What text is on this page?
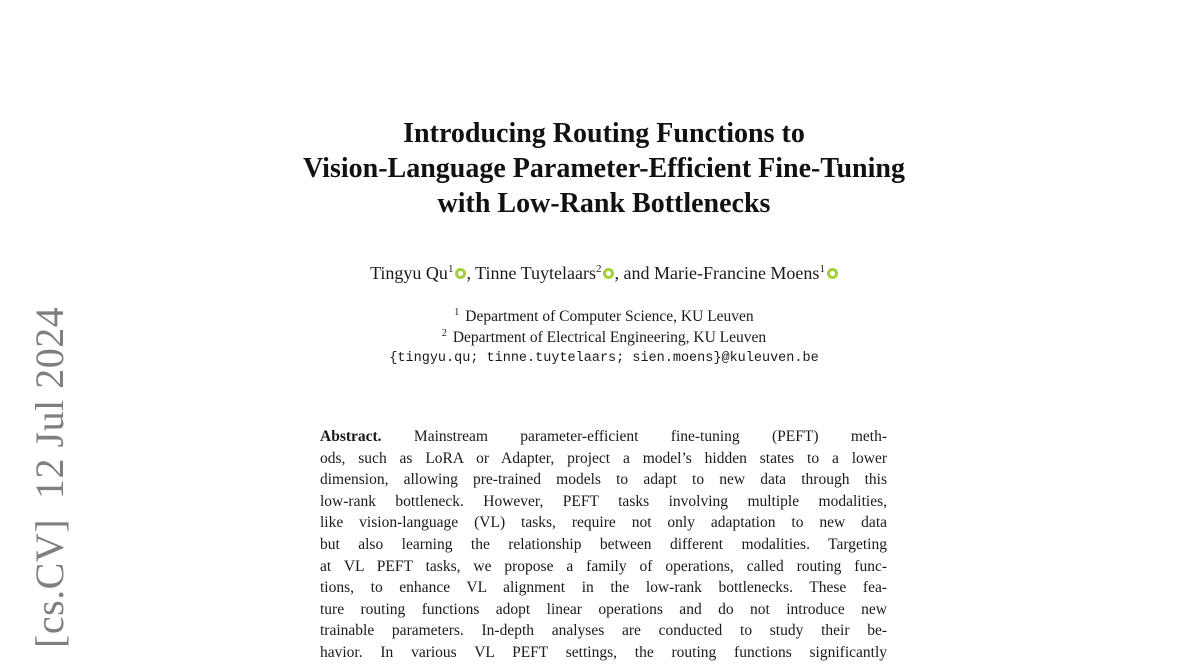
[cs.CV]12 Jul 2024
Introducing Routing Functions to
Vision-Language Parameter-Efficient Fine-Tuning
with Low-Rank Bottlenecks
Tingyu Qu$^1$ , Tinne Tuytelaars$^2$ , and Marie-Francine Moens$^1$
$^1$ Department of Computer Science, KU Leuven
$^2$ Department of Electrical Engineering, KU Leuven
{tingyu.qu; tinne.tuytelaars; sien.moens}@kuleuven.be
Abstract. Mainstream parameter-efficient fine-tuning (PEFT) meth-
ods, such as LoRA or Adapter, project a model’s hidden states to a lower
dimension, allowing pre-trained models to adapt to new data through this
low-rank bottleneck. However, PEFT tasks involving multiple modalities,
like vision-language (VL) tasks, require not only adaptation to new data
but also learning the relationship between different modalities. Targeting
at VL PEFT tasks, we propose a family of operations, called routing func-
tions, to enhance VL alignment in the low-rank bottlenecks. These fea-
ture routing functions adopt linear operations and do not introduce new
trainable parameters. In-depth analyses are conducted to study their be-
havior. In various VL PEFT settings, the routing functions significantly
